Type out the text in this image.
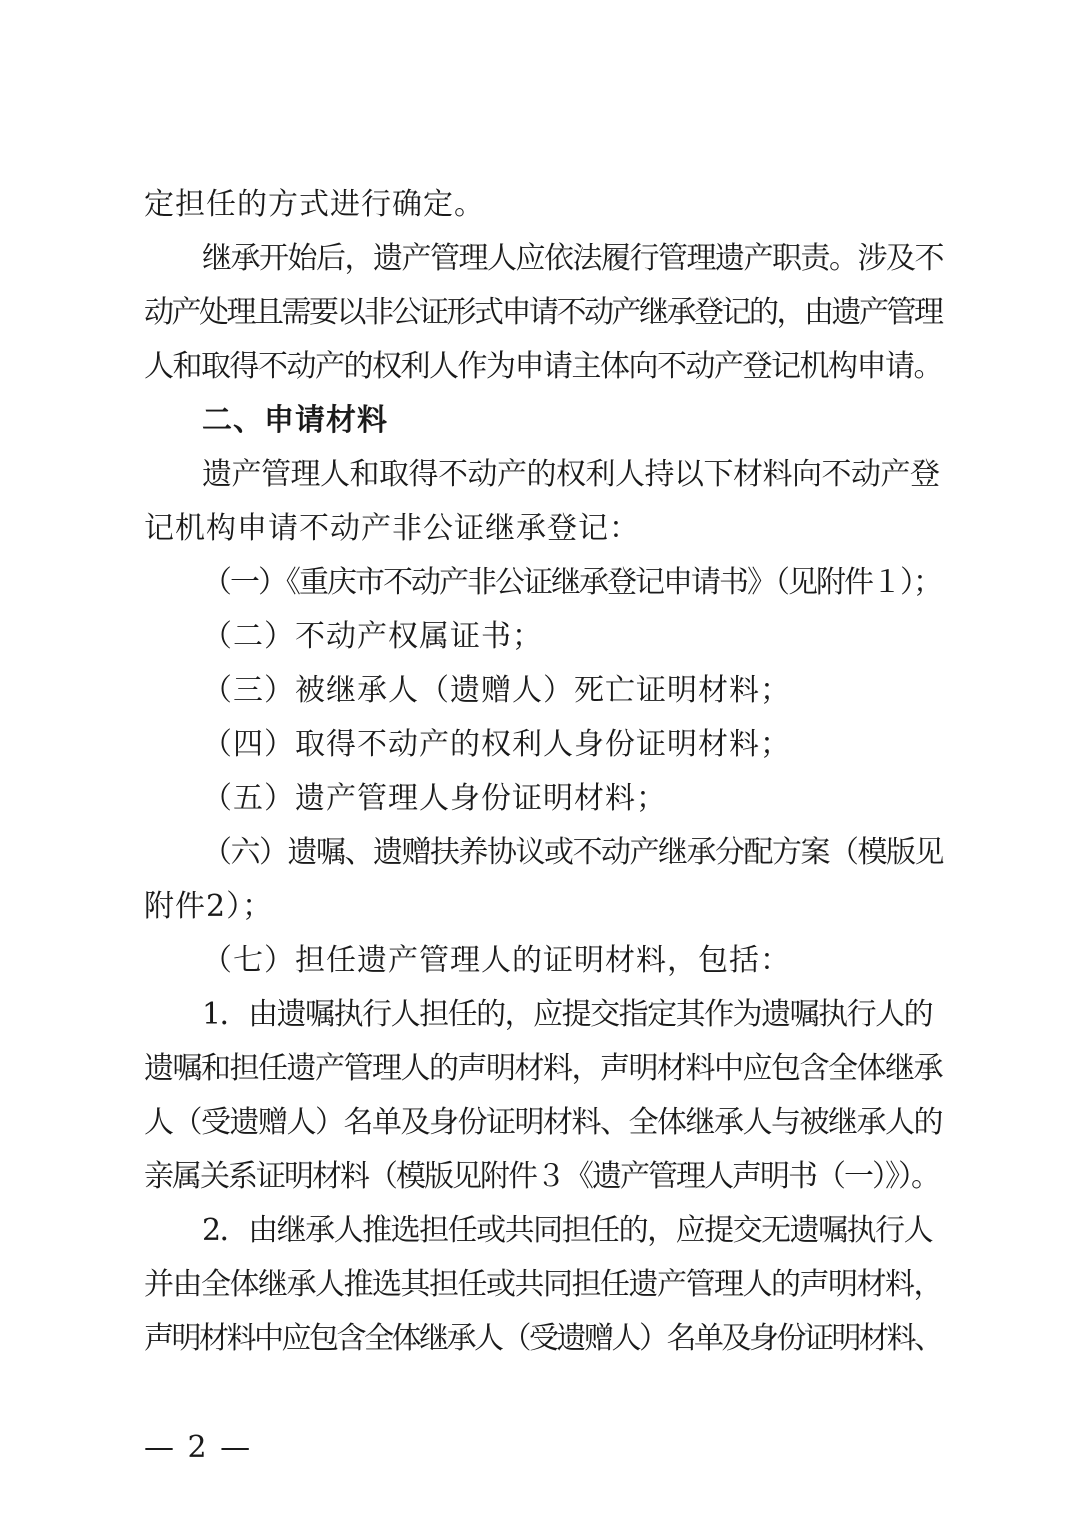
定担任的方式进行确定。
继承开始后，遗产管理人应依法履行管理遗产职责。涉及不
动产处理且需要以非公证形式申请不动产继承登记的，由遗产管理
人和取得不动产的权利人作为申请主体向不动产登记机构申请。
二、申请材料
遗产管理人和取得不动产的权利人持以下材料向不动产登
记机构申请不动产非公证继承登记：
（一）《重庆市不动产非公证继承登记申请书》（见附件１）；
（二）不动产权属证书；
（三）被继承人（遗赠人）死亡证明材料；
（四）取得不动产的权利人身份证明材料；
（五）遗产管理人身份证明材料；
（六）遗嘱、遗赠扶养协议或不动产继承分配方案（模版见
附件2）；
（七）担任遗产管理人的证明材料，包括：
1．由遗嘱执行人担任的，应提交指定其作为遗嘱执行人的
遗嘱和担任遗产管理人的声明材料，声明材料中应包含全体继承
人（受遗赠人）名单及身份证明材料、全体继承人与被继承人的
亲属关系证明材料（模版见附件３《遗产管理人声明书（一）》）。
2．由继承人推选担任或共同担任的，应提交无遗嘱执行人
并由全体继承人推选其担任或共同担任遗产管理人的声明材料，
声明材料中应包含全体继承人（受遗赠人）名单及身份证明材料、
— 2 —
